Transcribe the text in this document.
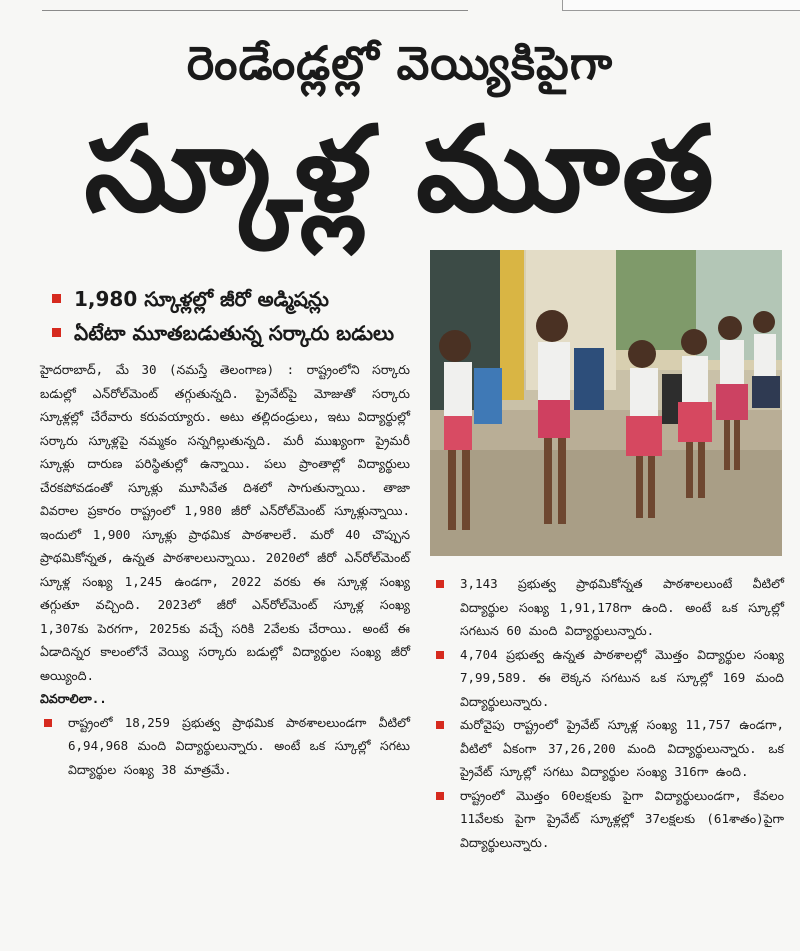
రెండేండ్లల్లో వెయ్యికిపైగా
స్కూళ్ల మూత
1,980 స్కూళ్లల్లో జీరో అడ్మిషన్లు
ఏటేటా మూతబడుతున్న సర్కారు బడులు

హైదరాబాద్, మే 30 (నమస్తే తెలంగాణ) : రాష్ట్రంలోని సర్కారు బడుల్లో ఎన్‌రోల్‌మెంట్ తగ్గుతున్నది. ప్రైవేట్‌పై మోజుతో సర్కారు స్కూళ్లల్లో చేరేవారు కరువయ్యారు. అటు తల్లిదండ్రులు, ఇటు విద్యార్థుల్లో సర్కారు స్కూళ్లపై నమ్మకం సన్నగిల్లుతున్నది. మరీ ముఖ్యంగా ప్రైమరీ స్కూళ్లు దారుణ పరిస్థితుల్లో ఉన్నాయి. పలు ప్రాంతాల్లో విద్యార్థులు చేరకపోవడంతో స్కూళ్లు మూసివేత దిశలో సాగుతున్నాయి. తాజా వివరాల ప్రకారం రాష్ట్రంలో 1,980 జీరో ఎన్‌రోల్‌మెంట్ స్కూళ్లున్నాయి. ఇందులో 1,900 స్కూళ్లు ప్రాథమిక పాఠశాలలే. మరో 40 చొప్పున ప్రాథమికోన్నత, ఉన్నత పాఠశాలలున్నాయి. 2020లో జీరో ఎన్‌రోల్‌మెంట్ స్కూళ్ల సంఖ్య 1,245 ఉండగా, 2022 వరకు ఈ స్కూళ్ల సంఖ్య తగ్గుతూ వచ్చింది. 2023లో జీరో ఎన్‌రోల్‌మెంట్ స్కూళ్ల సంఖ్య 1,307కు పెరగగా, 2025కు వచ్చే సరికి 2వేలకు చేరాయి. అంటే ఈ ఏడాదిన్నర కాలంలోనే వెయ్యి సర్కారు బడుల్లో విద్యార్థుల సంఖ్య జీరో అయ్యింది.

వివరాలిలా..

రాష్ట్రంలో 18,259 ప్రభుత్వ ప్రాథమిక పాఠశాలలుండగా వీటిలో 6,94,968 మంది విద్యార్థులున్నారు. అంటే ఒక స్కూల్లో సగటు విద్యార్థుల సంఖ్య 38 మాత్రమే.

3,143 ప్రభుత్వ ప్రాథమికోన్నత పాఠశాలలుంటే వీటిలో విద్యార్థుల సంఖ్య 1,91,178గా ఉంది. అంటే ఒక స్కూల్లో సగటున 60 మంది విద్యార్థులున్నారు.

4,704 ప్రభుత్వ ఉన్నత పాఠశాలల్లో మొత్తం విద్యార్థుల సంఖ్య 7,99,589. ఈ లెక్కన సగటున ఒక స్కూల్లో 169 మంది విద్యార్థులున్నారు.

మరోవైపు రాష్ట్రంలో ప్రైవేట్ స్కూళ్ల సంఖ్య 11,757 ఉండగా, వీటిలో ఏకంగా 37,26,200 మంది విద్యార్థులున్నారు. ఒక ప్రైవేట్ స్కూల్లో సగటు విద్యార్థుల సంఖ్య 316గా ఉంది.

రాష్ట్రంలో మొత్తం 60లక్షలకు పైగా విద్యార్థులుండగా, కేవలం 11వేలకు పైగా ప్రైవేట్ స్కూళ్లల్లో 37లక్షలకు (61శాతం)పైగా విద్యార్థులున్నారు.
